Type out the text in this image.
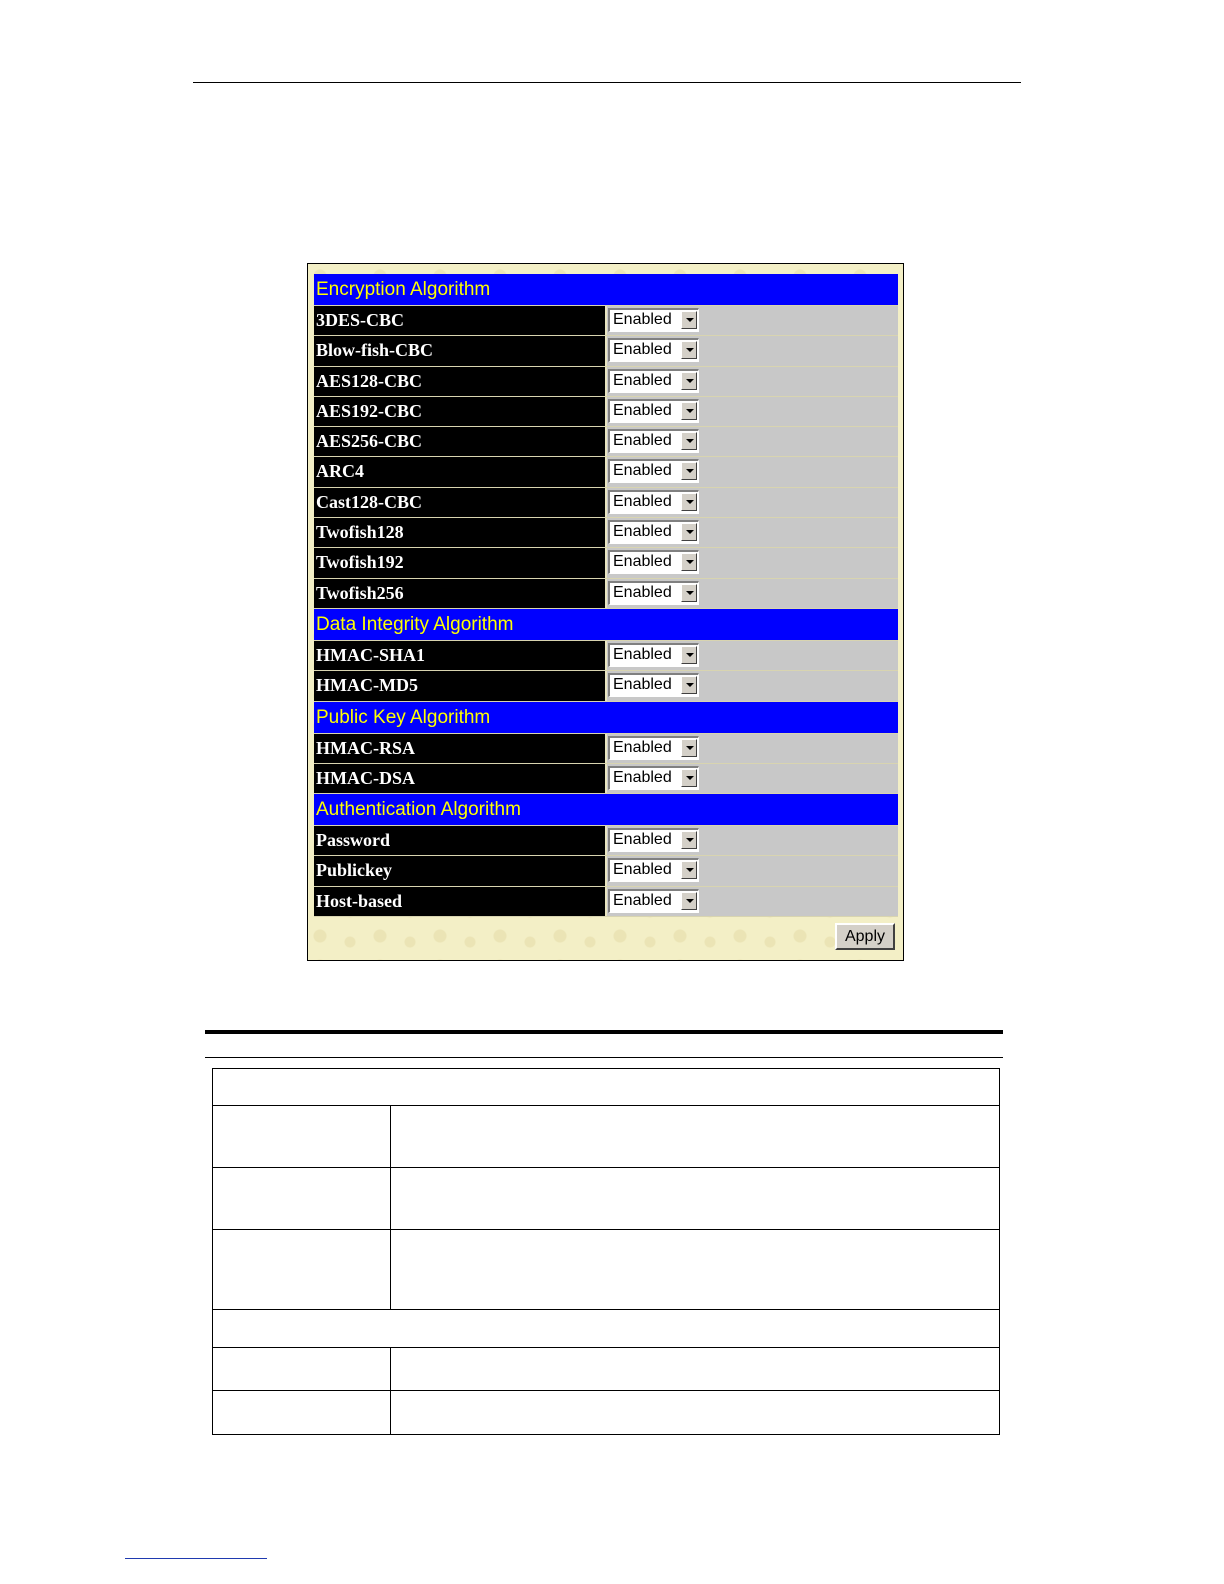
Encryption Algorithm
3DES-CBC	Enabled
Blow-fish-CBC	Enabled
AES128-CBC	Enabled
AES192-CBC	Enabled
AES256-CBC	Enabled
ARC4	Enabled
Cast128-CBC	Enabled
Twofish128	Enabled
Twofish192	Enabled
Twofish256	Enabled
Data Integrity Algorithm
HMAC-SHA1	Enabled
HMAC-MD5	Enabled
Public Key Algorithm
HMAC-RSA	Enabled
HMAC-DSA	Enabled
Authentication Algorithm
Password	Enabled
Publickey	Enabled
Host-based	Enabled
Apply
